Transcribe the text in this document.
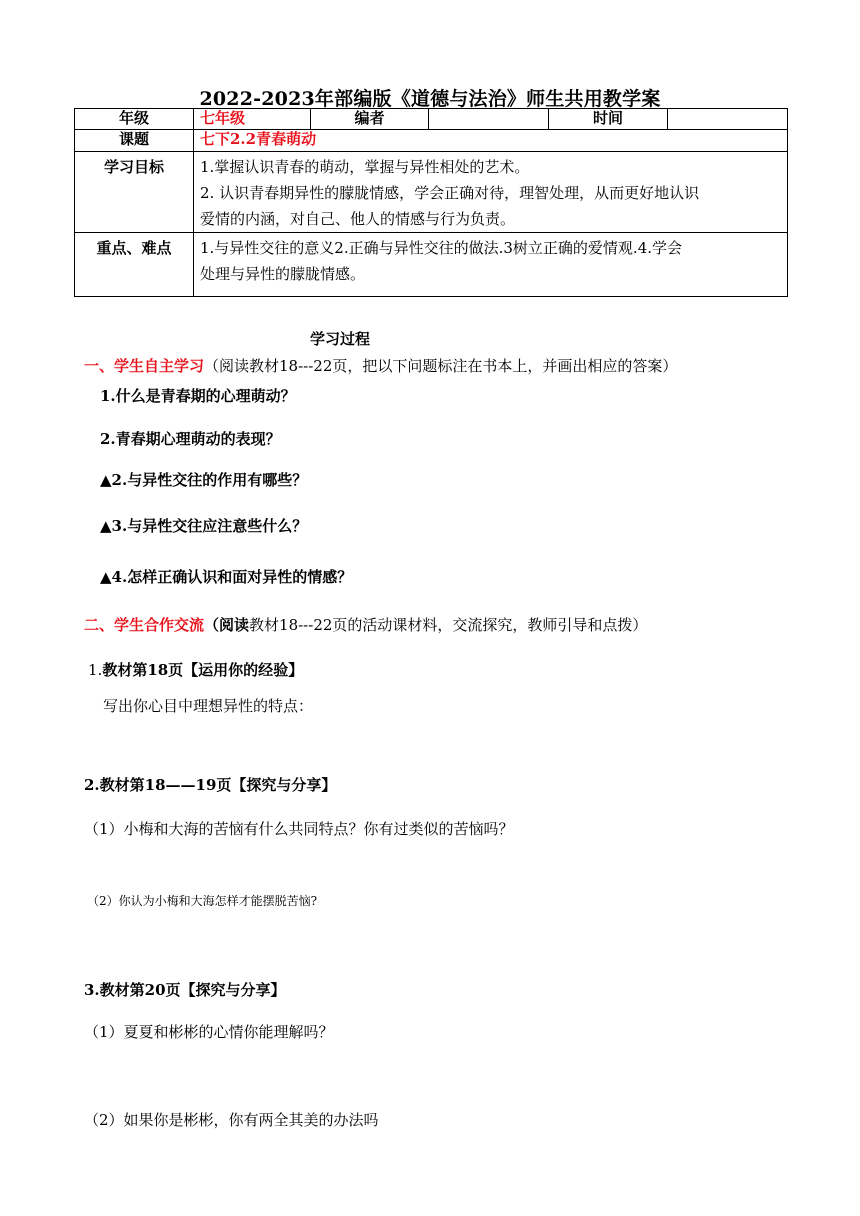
2022-2023年部编版《道德与法治》师生共用教学案
年级	七年级	编者		时间	
课题	七下2.2青春萌动				
学习目标	1.掌握认识青春的萌动，掌握与异性相处的艺术。
2. 认识青春期异性的朦胧情感，学会正确对待，理智处理，从而更好地认识
爱情的内涵，对自己、他人的情感与行为负责。				

重点、难点	1.与异性交往的意义2.正确与异性交往的做法.3树立正确的爱情观.4.学会
处理与异性的朦胧情感。				
学习过程
一、学生自主学习（阅读教材18---22页，把以下问题标注在书本上，并画出相应的答案）
1.什么是青春期的心理萌动？
2.青春期心理萌动的表现？
▲2.与异性交往的作用有哪些？
▲3.与异性交往应注意些什么？
▲4.怎样正确认识和面对异性的情感？
二、学生合作交流（阅读教材18---22页的活动课材料，交流探究，教师引导和点拨）
1.教材第18页【运用你的经验】
写出你心目中理想异性的特点：
2.教材第18——19页【探究与分享】
（1）小梅和大海的苦恼有什么共同特点？你有过类似的苦恼吗？
（2）你认为小梅和大海怎样才能摆脱苦恼?
3.教材第20页【探究与分享】
（1）夏夏和彬彬的心情你能理解吗？
（2）如果你是彬彬，你有两全其美的办法吗
